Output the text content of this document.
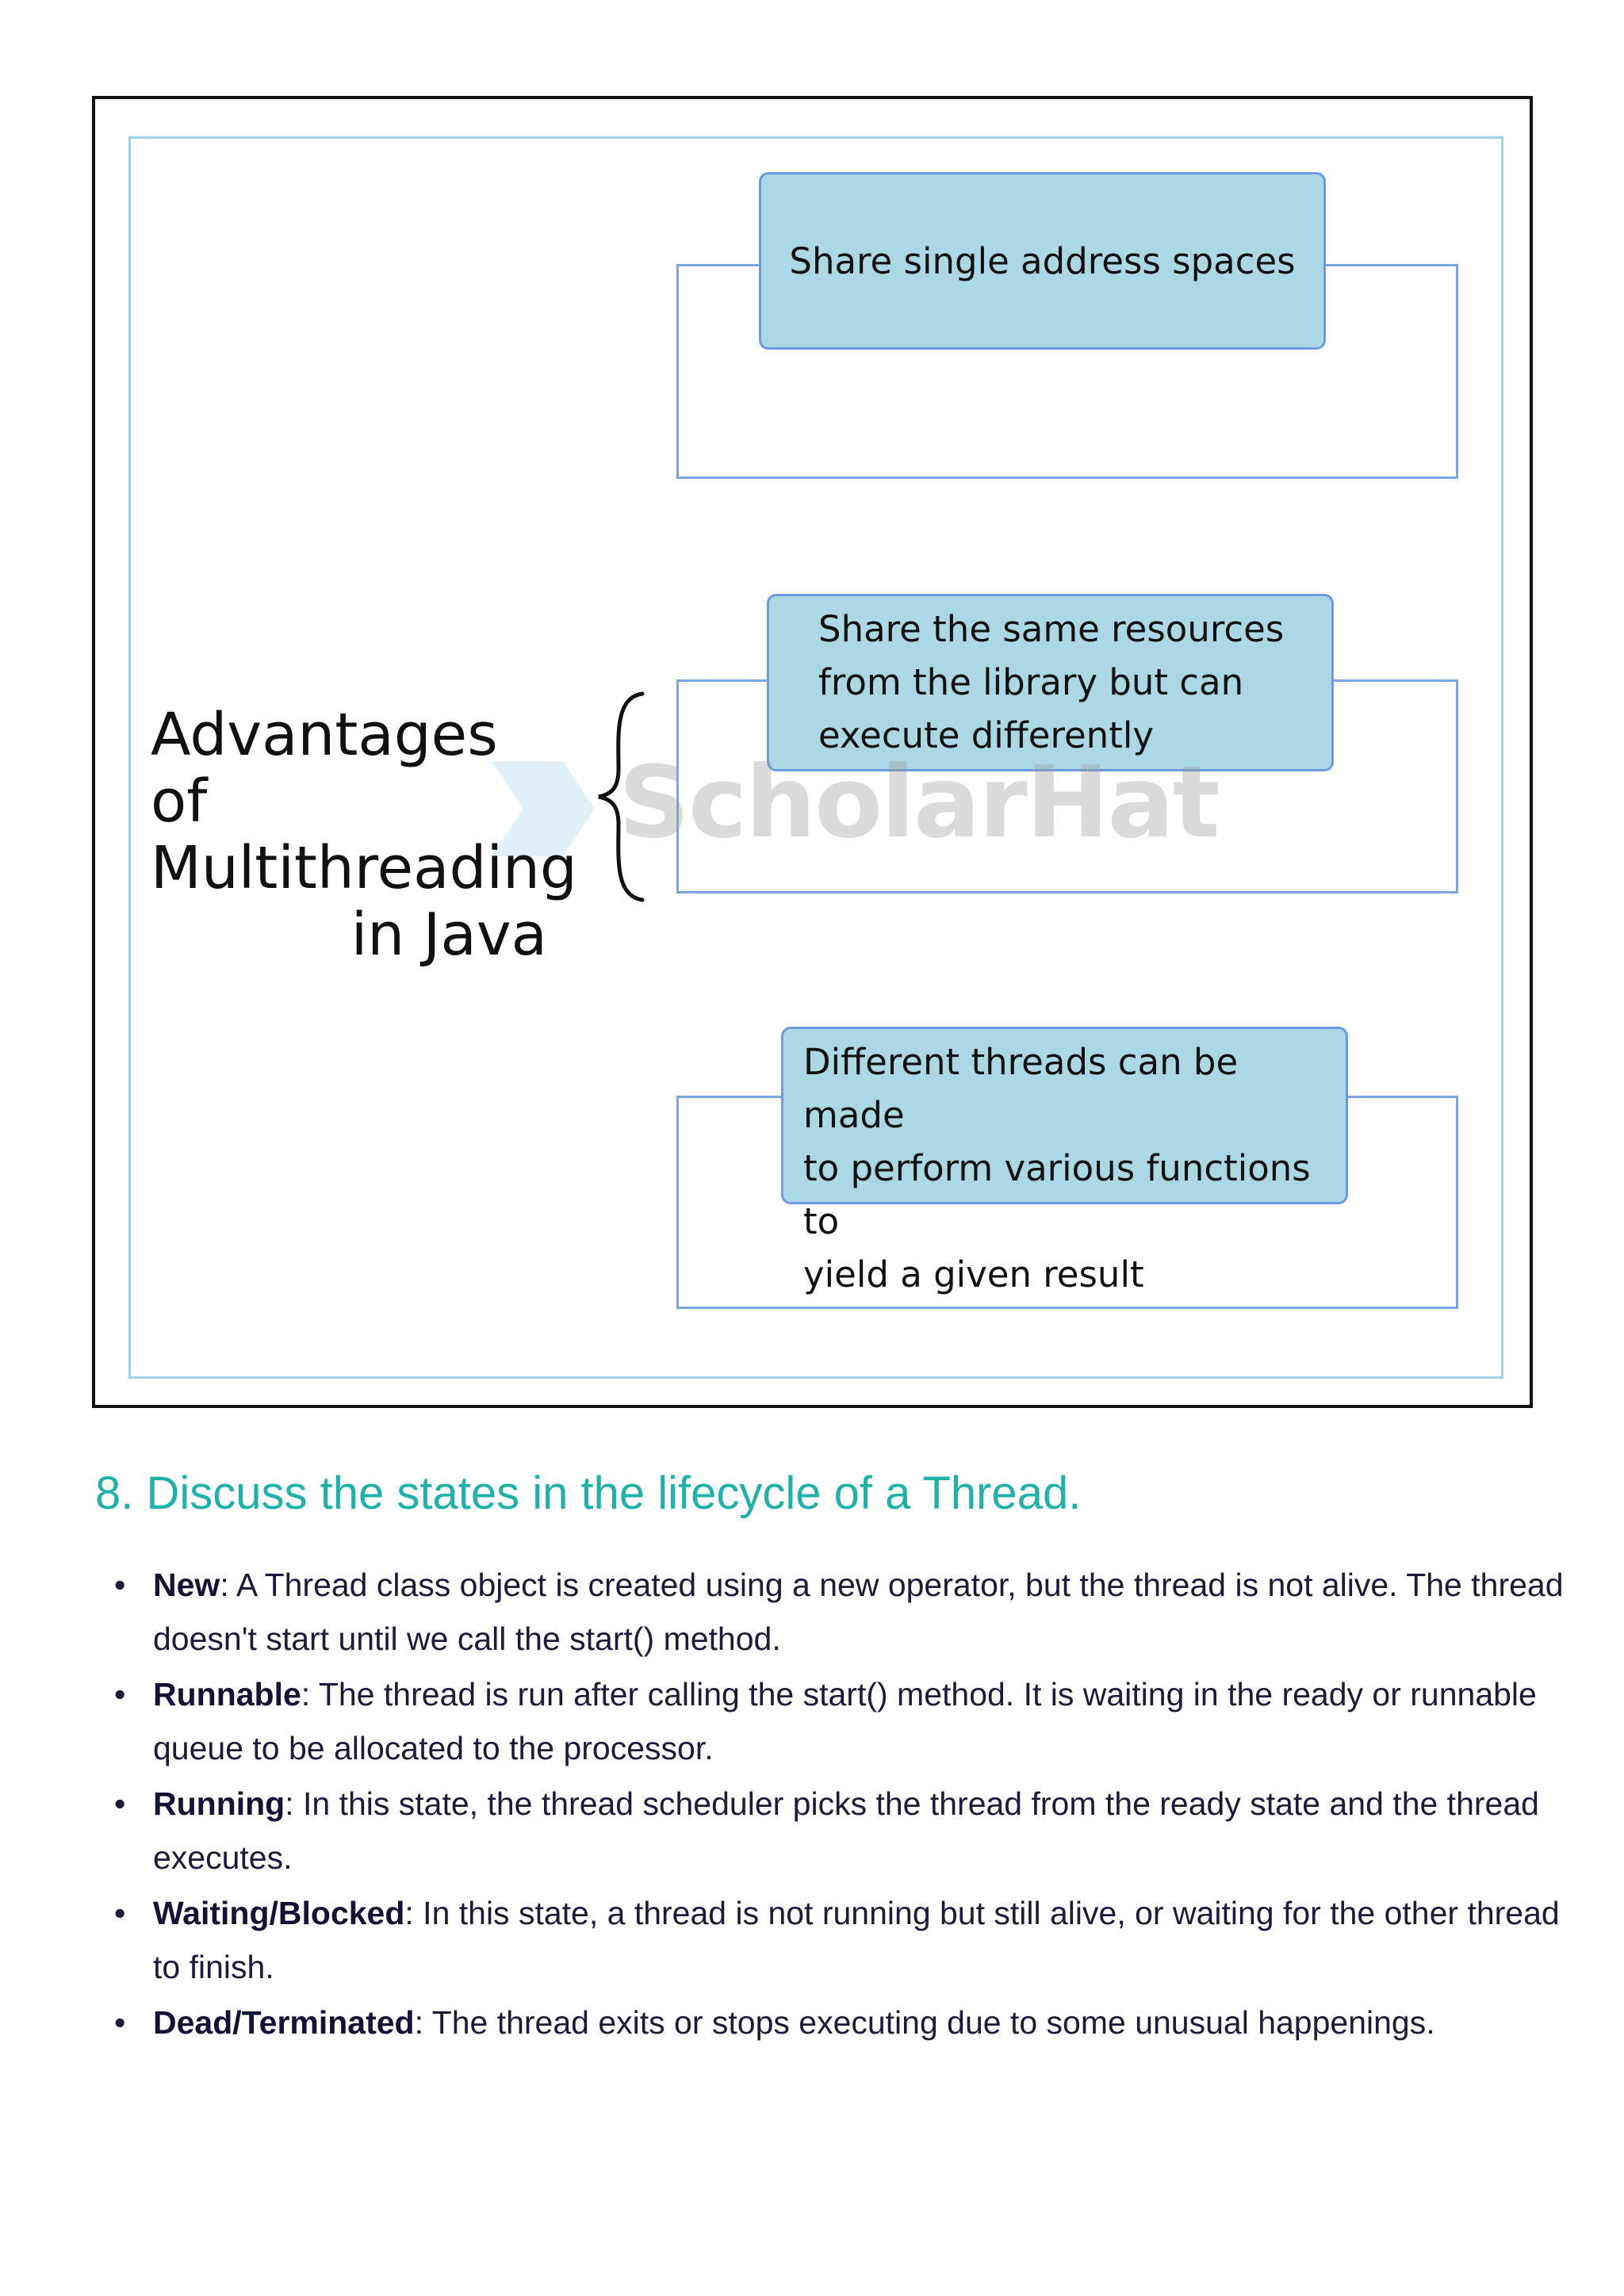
Share single address spaces
Share the same resources
from the library but can
execute differently
Different threads can be made
to perform various functions to
yield a given result
ScholarHat
Advantages of
Multithreading
in Java
8. Discuss the states in the lifecycle of a Thread.
• New: A Thread class object is created using a new operator, but the thread is not alive. The thread doesn't start until we call the start() method.
• Runnable: The thread is run after calling the start() method. It is waiting in the ready or runnable queue to be allocated to the processor.
• Running: In this state, the thread scheduler picks the thread from the ready state and the thread executes.
• Waiting/Blocked: In this state, a thread is not running but still alive, or waiting for the other thread to finish.
• Dead/Terminated: The thread exits or stops executing due to some unusual happenings.
